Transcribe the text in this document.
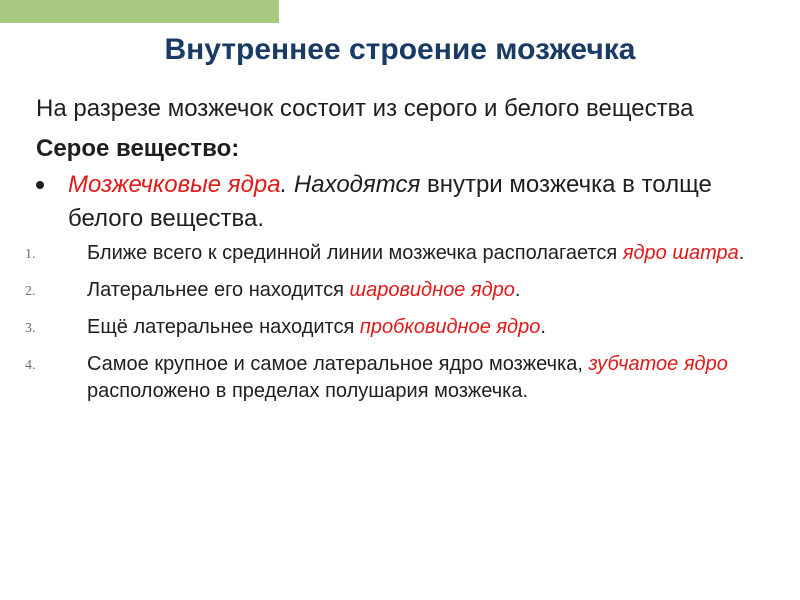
Внутреннее строение мозжечка

На разрезе мозжечок состоит из серого и белого вещества

Серое вещество:

Мозжечковые ядра. Находятся внутри мозжечка в толще белого вещества.
1.	Ближе всего к срединной линии мозжечка располагается ядро шатра.
2.	Латеральнее его находится шаровидное ядро.
3.	Ещё латеральнее находится пробковидное ядро.
4.	Самое крупное и самое латеральное ядро мозжечка, зубчатое ядро расположено в пределах полушария мозжечка.
